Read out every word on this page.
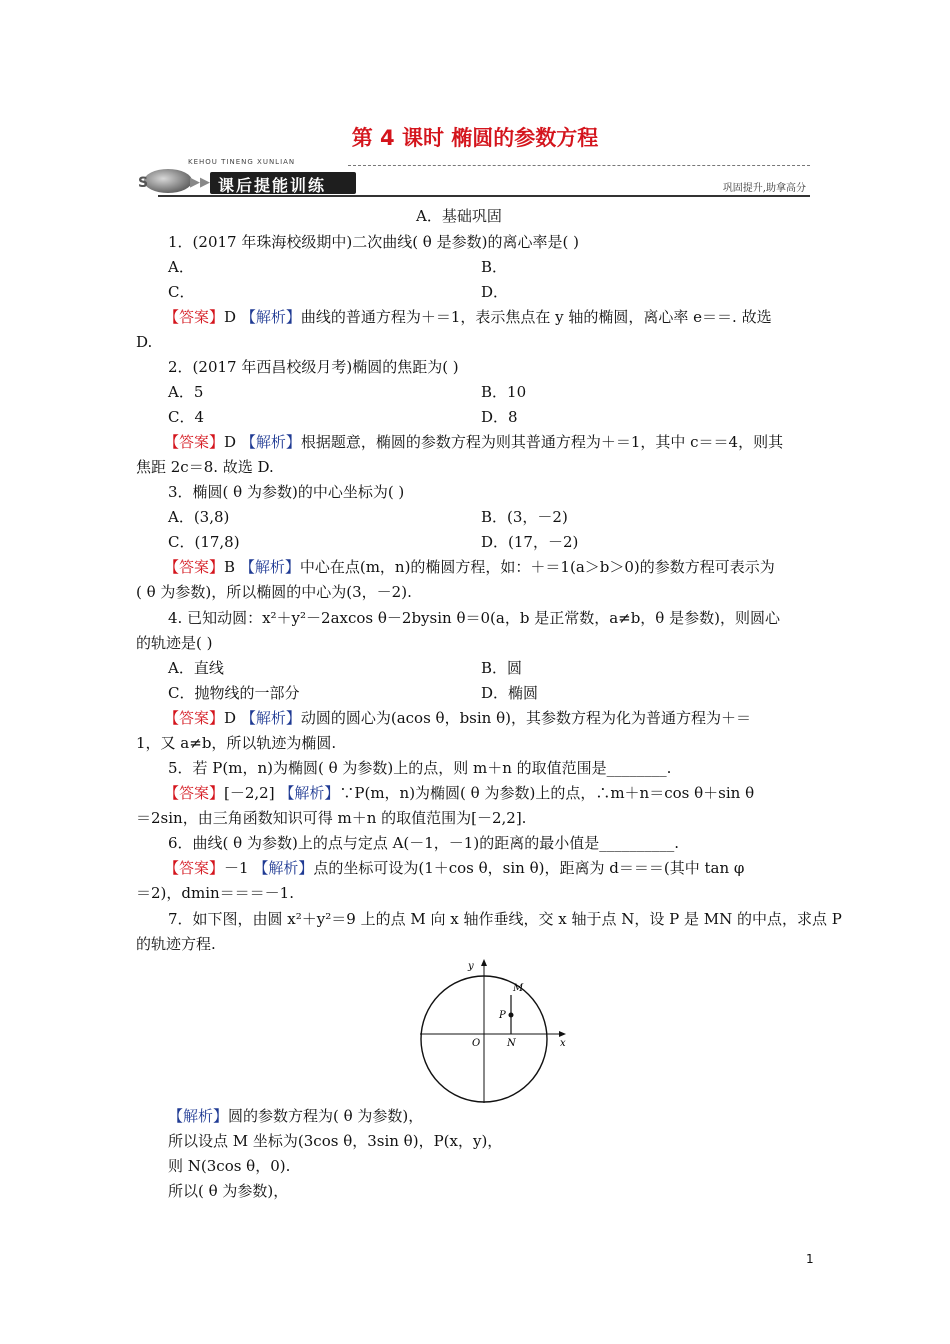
第 4 课时 椭圆的参数方程
S	▶▶
KEHOU TINENG XUNLIAN
课后提能训练	巩固提升,助拿高分
A．基础巩固
1．(2017 年珠海校级期中)二次曲线( θ 是参数)的离心率是( )
A．	B．
C．	D．
【答案】D 【解析】曲线的普通方程为＋＝1，表示焦点在 y 轴的椭圆，离心率 e＝＝. 故选
D.
2．(2017 年西昌校级月考)椭圆的焦距为( )
A．5	B．10
C．4	D．8
【答案】D 【解析】根据题意，椭圆的参数方程为则其普通方程为＋＝1，其中 c＝＝4，则其
焦距 2c＝8. 故选 D.
3．椭圆( θ 为参数)的中心坐标为( )
A．(3,8)	B．(3，－2)
C．(17,8)	D．(17，－2)
【答案】B 【解析】中心在点(m，n)的椭圆方程，如：＋＝1(a＞b＞0)的参数方程可表示为
( θ 为参数)，所以椭圆的中心为(3，－2).
4. 已知动圆：x²＋y²－2axcos θ－2bysin θ＝0(a，b 是正常数，a≠b，θ 是参数)，则圆心
的轨迹是( )
A．直线	B．圆
C．抛物线的一部分	D．椭圆
【答案】D 【解析】动圆的圆心为(acos θ，bsin θ)，其参数方程为化为普通方程为＋＝
1，又 a≠b，所以轨迹为椭圆.
5．若 P(m，n)为椭圆( θ 为参数)上的点，则 m＋n 的取值范围是________.
【答案】[－2,2] 【解析】∵P(m，n)为椭圆( θ 为参数)上的点，∴m＋n＝cos θ＋sin θ
＝2sin，由三角函数知识可得 m＋n 的取值范围为[－2,2].
6．曲线( θ 为参数)上的点与定点 A(－1，－1)的距离的最小值是__________.
【答案】－1 【解析】点的坐标可设为(1＋cos θ，sin θ)，距离为 d＝＝＝(其中 tan φ
＝2)，dmin＝＝＝－1.
7．如下图，由圆 x²＋y²＝9 上的点 M 向 x 轴作垂线，交 x 轴于点 N，设 P 是 MN 的中点，求点 P
的轨迹方程.
y
x
O	N
M
P
【解析】圆的参数方程为( θ 为参数)，
所以设点 M 坐标为(3cos θ，3sin θ)，P(x，y)，
则 N(3cos θ，0).
所以( θ 为参数)，
1
